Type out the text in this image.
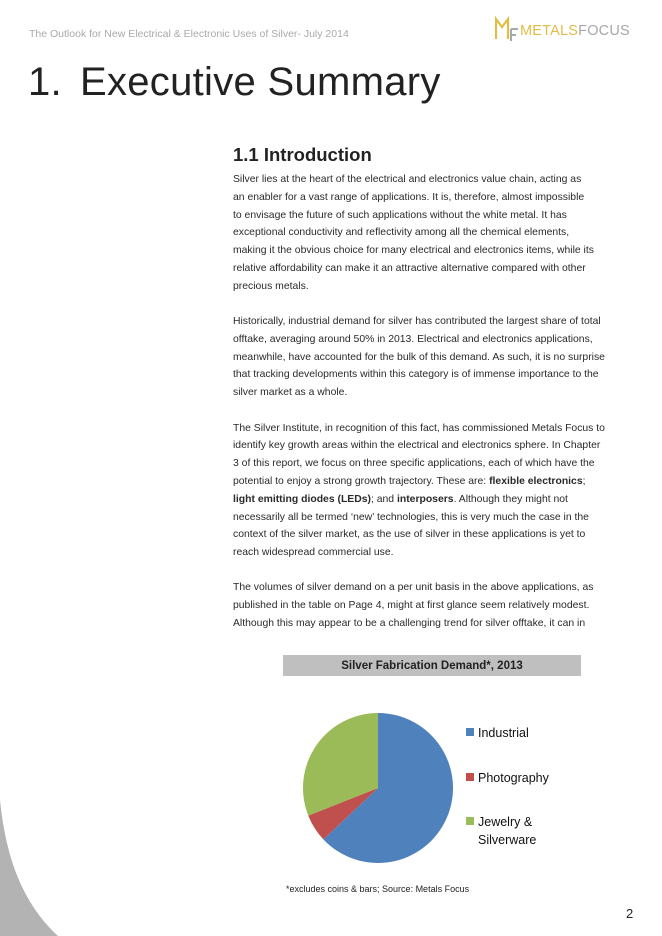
The Outlook for New Electrical & Electronic Uses of Silver- July 2014	METALSFOCUS
1. Executive Summary
1.1 Introduction

Silver lies at the heart of the electrical and electronics value chain, acting as
an enabler for a vast range of applications. It is, therefore, almost impossible
to envisage the future of such applications without the white metal. It has
exceptional conductivity and reflectivity among all the chemical elements,
making it the obvious choice for many electrical and electronics items, while its
relative affordability can make it an attractive alternative compared with other
precious metals.

Historically, industrial demand for silver has contributed the largest share of total
offtake, averaging around 50% in 2013. Electrical and electronics applications,
meanwhile, have accounted for the bulk of this demand. As such, it is no surprise
that tracking developments within this category is of immense importance to the
silver market as a whole.

The Silver Institute, in recognition of this fact, has commissioned Metals Focus to
identify key growth areas within the electrical and electronics sphere. In Chapter
3 of this report, we focus on three specific applications, each of which have the
potential to enjoy a strong growth trajectory. These are: flexible electronics;
light emitting diodes (LEDs); and interposers. Although they might not
necessarily all be termed ‘new’ technologies, this is very much the case in the
context of the silver market, as the use of silver in these applications is yet to
reach widespread commercial use.

The volumes of silver demand on a per unit basis in the above applications, as
published in the table on Page 4, might at first glance seem relatively modest.
Although this may appear to be a challenging trend for silver offtake, it can in

Silver Fabrication Demand*, 2013
Industrial
Photography
Jewelry &
Silverware
*excludes coins & bars; Source: Metals Focus
2
